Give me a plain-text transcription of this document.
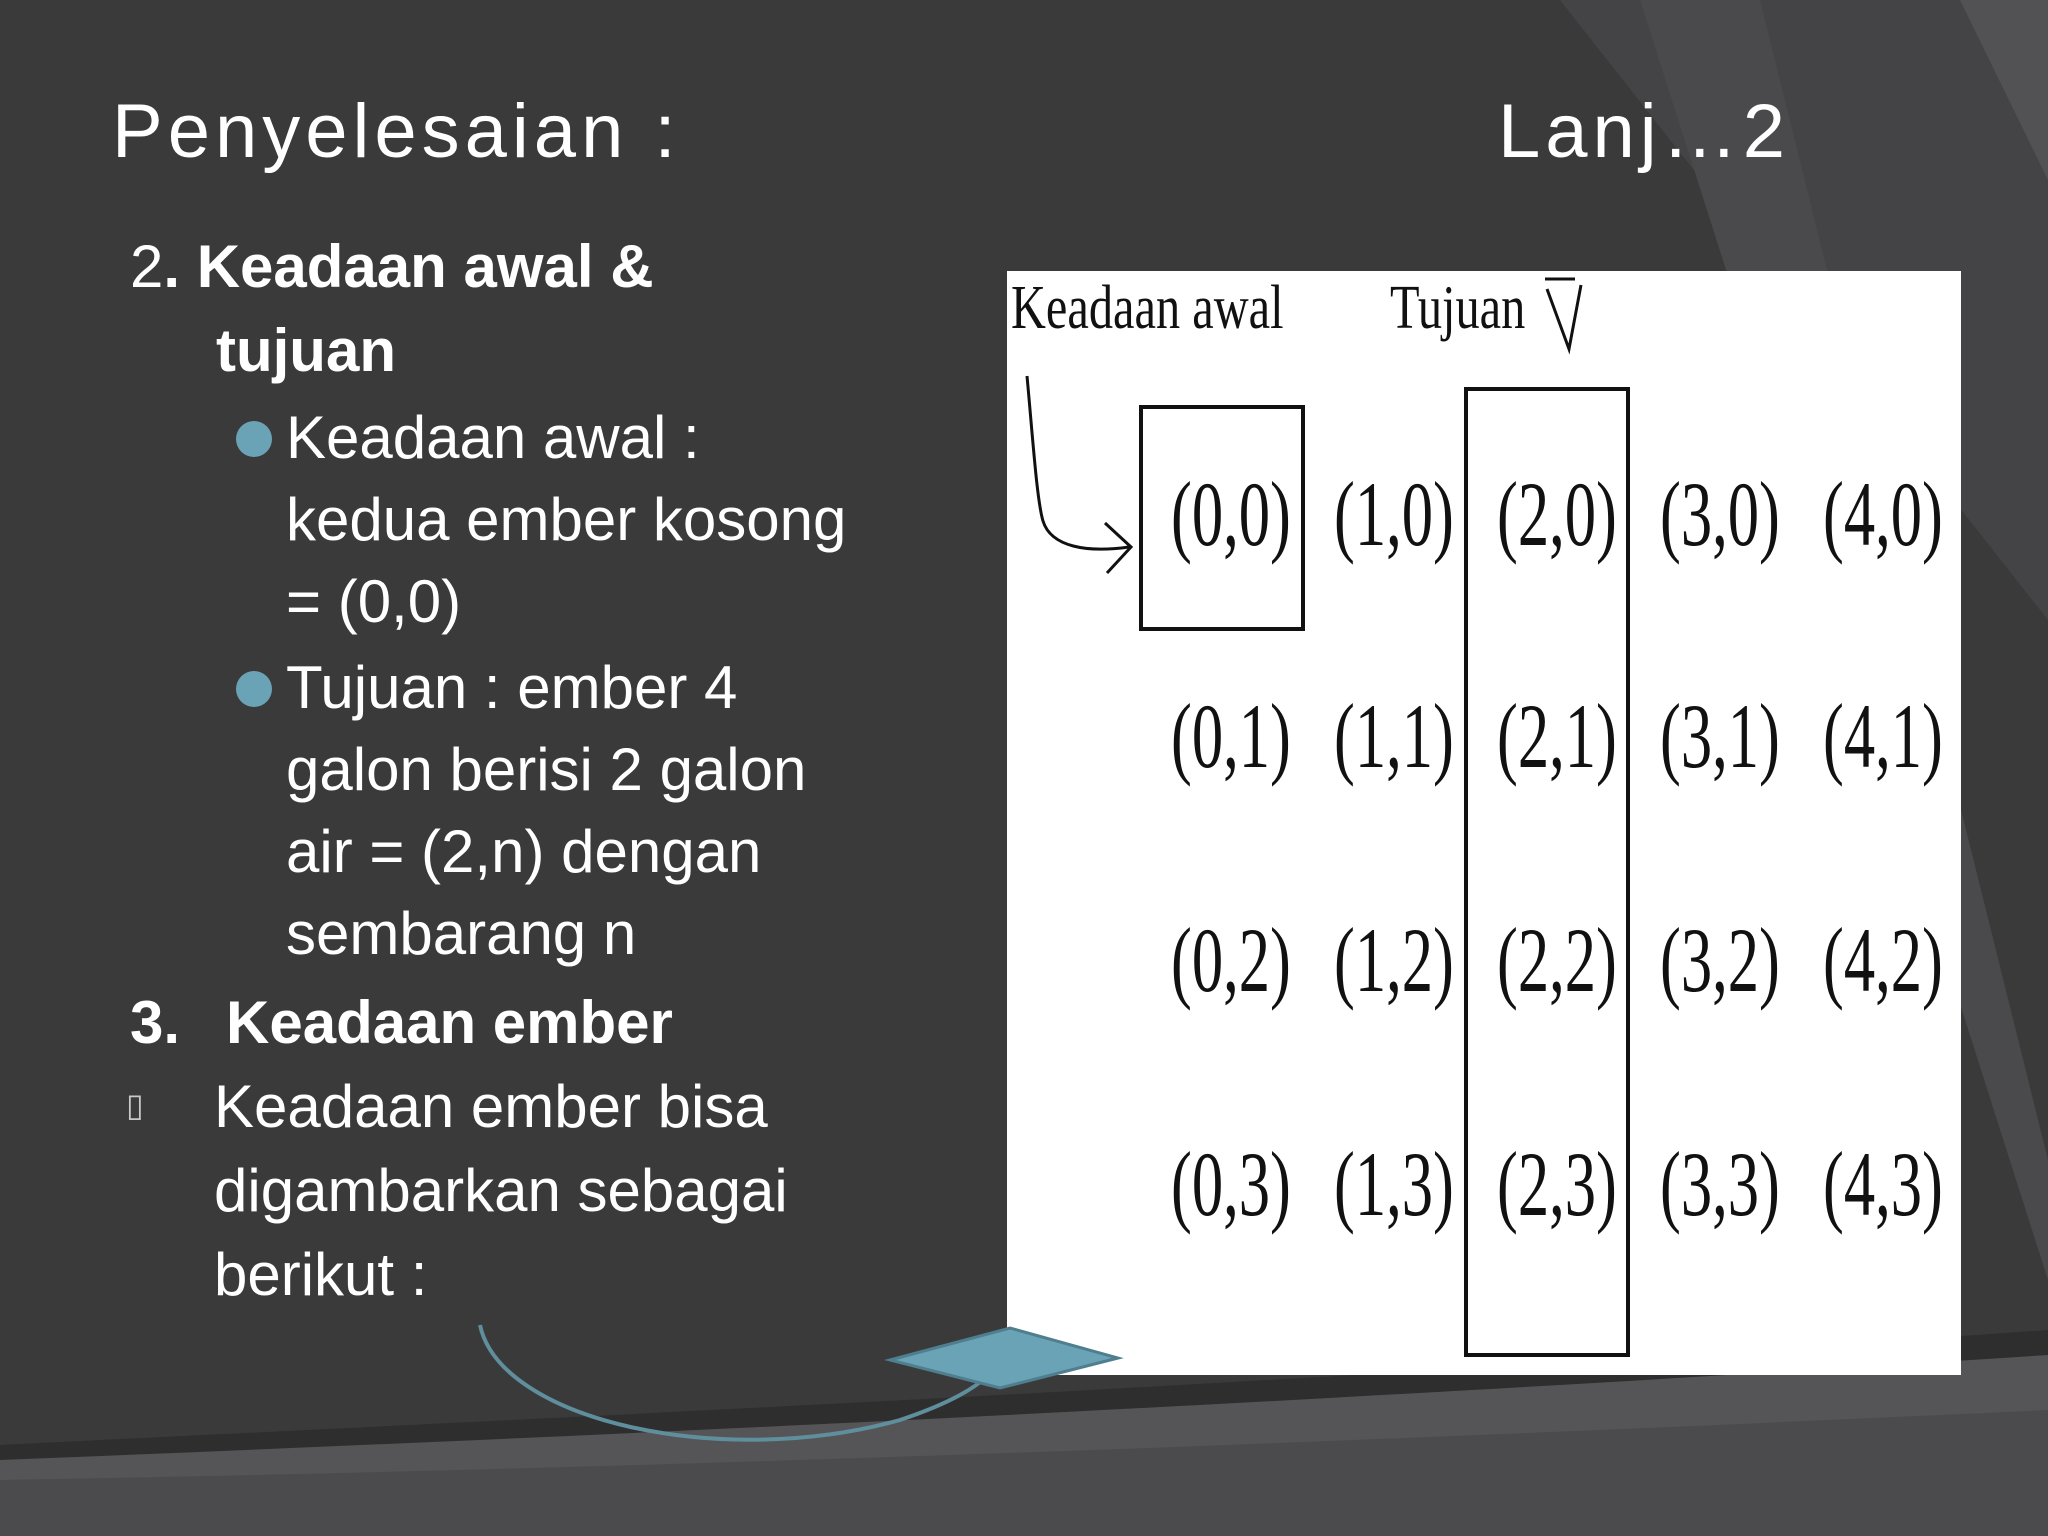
Penyelesaian :	Lanj…2
2. Keadaan awal &
tujuan
Keadaan awal :
kedua ember kosong
= (0,0)
Tujuan : ember 4
galon berisi 2 galon
air = (2,n) dengan
sembarang n
3. Keadaan ember
▯ Keadaan ember bisa
digambarkan sebagai
berikut :
Keadaan awal Tujuan
(0,0) (1,0) (2,0) (3,0) (4,0)
(0,1) (1,1) (2,1) (3,1) (4,1)
(0,2) (1,2) (2,2) (3,2) (4,2)
(0,3) (1,3) (2,3) (3,3) (4,3)
